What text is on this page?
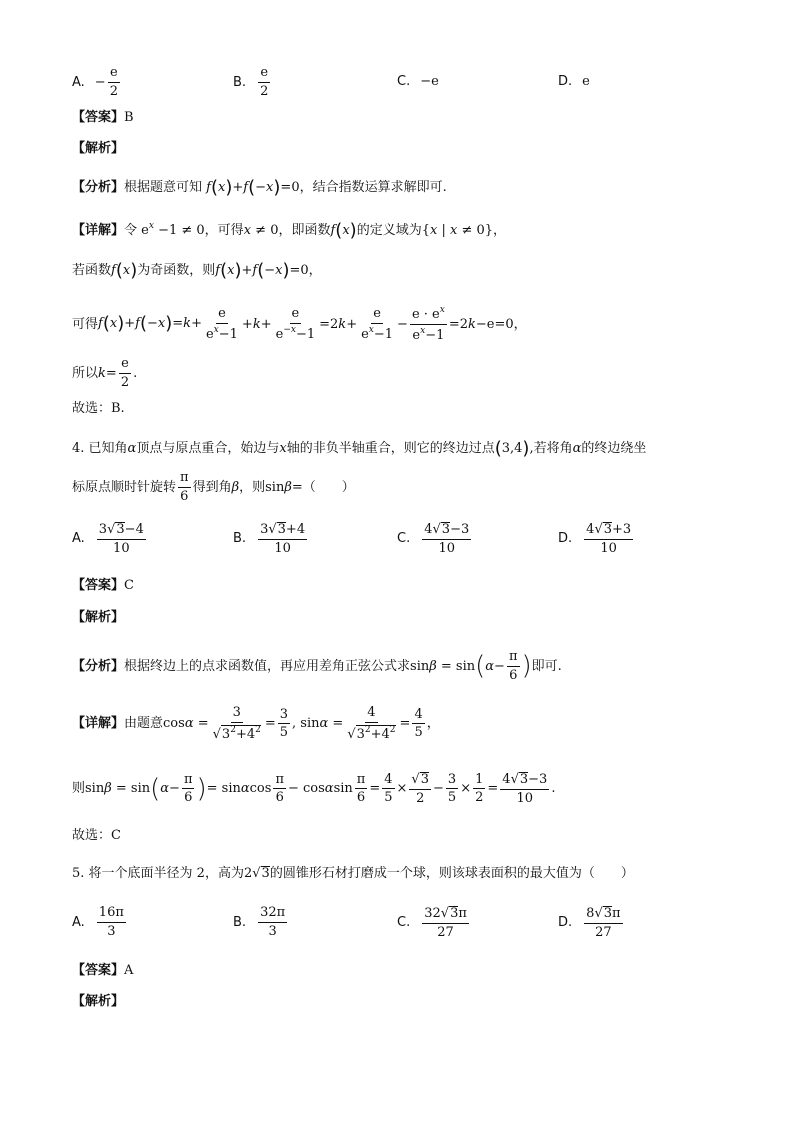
A. − $\frac{e}{2}$	B. $\frac{e}{2}$	C. −e	D. e
【答案】B
【解析】
【分析】根据题意可知 f(x)+f(−x)=0，结合指数运算求解即可.
【详解】令 $e^x -1 \ne 0$，可得x ≠ 0，即函数f(x)的定义域为{x | x ≠ 0}，
若函数f(x)为奇函数，则f(x)+f(−x)=0，
可得 $f(x)+f(-x)=k+ \frac{e}{e^x-1} +k+ \frac{e}{e^{-x}-1} =2k+ \frac{e}{e^x-1} - \frac{e \cdot e^x}{e^x-1} =2k-e=0$，
所以 $k = \frac{e}{2}$ .
故选：B.
4. 已知角α顶点与原点重合，始边与x轴的非负半轴重合，则它的终边过点(3,4),若将角α的终边绕坐
标原点顺时针旋转 $\frac{\pi}{6}$ 得到角 β ，则 sin β = （　　）
A. $\frac{3√3-4}{10}$	B. $\frac{3√3+4}{10}$	C. $\frac{4√3-3}{10}$	D. $\frac{4√3+3}{10}$
【答案】C
【解析】
【分析】 根据终边上的点求函数值，再应用差角正弦公式求 sinβ = sin ( $\alpha - \frac{\pi}{6}$ ) 即可.
【详解】 由题意 $\cos\alpha = \frac{3}{√3^2+4^2} = \frac{3}{5}$ , $\sin\alpha = \frac{4}{√3^2+4^2} = \frac{4}{5}$ ，
则 sinβ = sin ( $\alpha - \frac{\pi}{6}$ ) = sinαcos $\frac{\pi}{6} - \cos\alpha\sin \frac{\pi}{6} = \frac{4}{5} \times \frac{√3}{2} - \frac{3}{5} \times \frac{1}{2} = \frac{4√3-3}{10}$ .
故选：C
5. 将一个底面半径为 2，高为2√3的圆锥形石材打磨成一个球，则该球表面积的最大值为（　　）
A. $\frac{16\pi}{3}$	B. $\frac{32\pi}{3}$	C. $\frac{32√3\pi}{27}$	D. $\frac{8√3\pi}{27}$
【答案】A
【解析】
